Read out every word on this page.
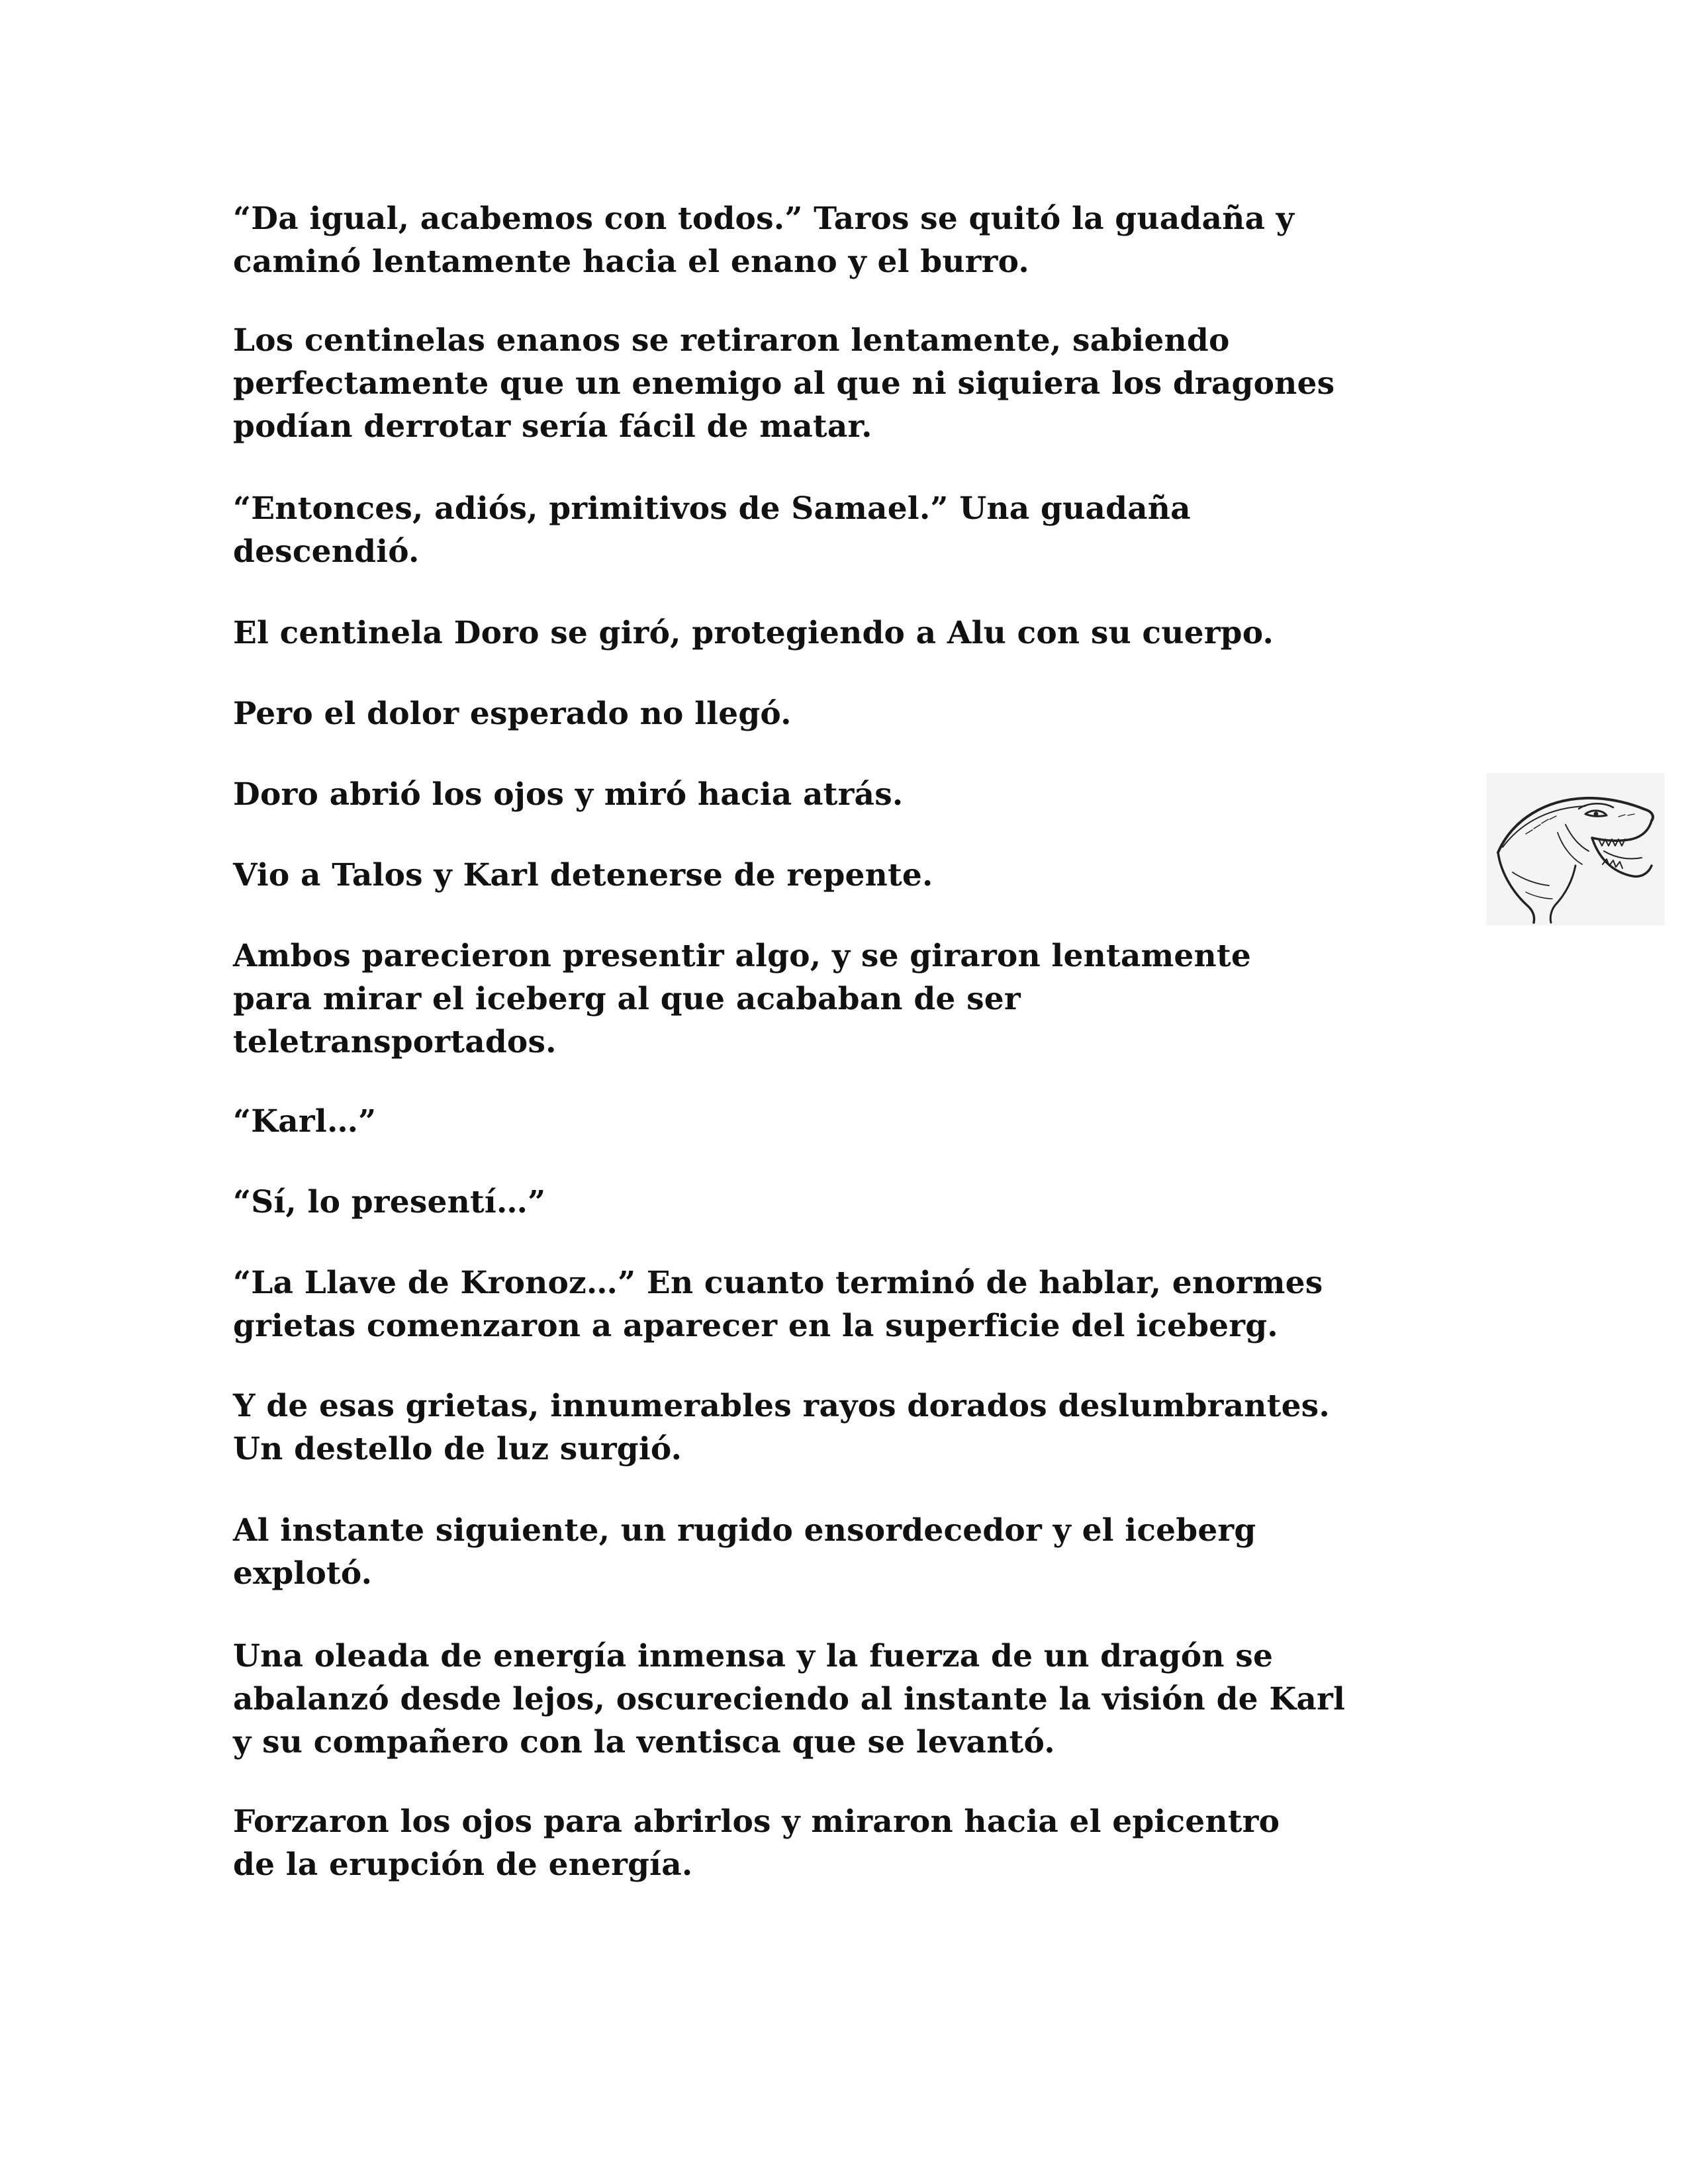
“Da igual, acabemos con todos.” Taros se quitó la guadaña y
caminó lentamente hacia el enano y el burro.

Los centinelas enanos se retiraron lentamente, sabiendo
perfectamente que un enemigo al que ni siquiera los dragones
podían derrotar sería fácil de matar.

“Entonces, adiós, primitivos de Samael.” Una guadaña
descendió.

El centinela Doro se giró, protegiendo a Alu con su cuerpo.

Pero el dolor esperado no llegó.

Doro abrió los ojos y miró hacia atrás.

Vio a Talos y Karl detenerse de repente.

Ambos parecieron presentir algo, y se giraron lentamente
para mirar el iceberg al que acababan de ser
teletransportados.

“Karl…”

“Sí, lo presentí…”

“La Llave de Kronoz…” En cuanto terminó de hablar, enormes
grietas comenzaron a aparecer en la superficie del iceberg.

Y de esas grietas, innumerables rayos dorados deslumbrantes.
Un destello de luz surgió.

Al instante siguiente, un rugido ensordecedor y el iceberg
explotó.

Una oleada de energía inmensa y la fuerza de un dragón se
abalanzó desde lejos, oscureciendo al instante la visión de Karl
y su compañero con la ventisca que se levantó.

Forzaron los ojos para abrirlos y miraron hacia el epicentro
de la erupción de energía.
